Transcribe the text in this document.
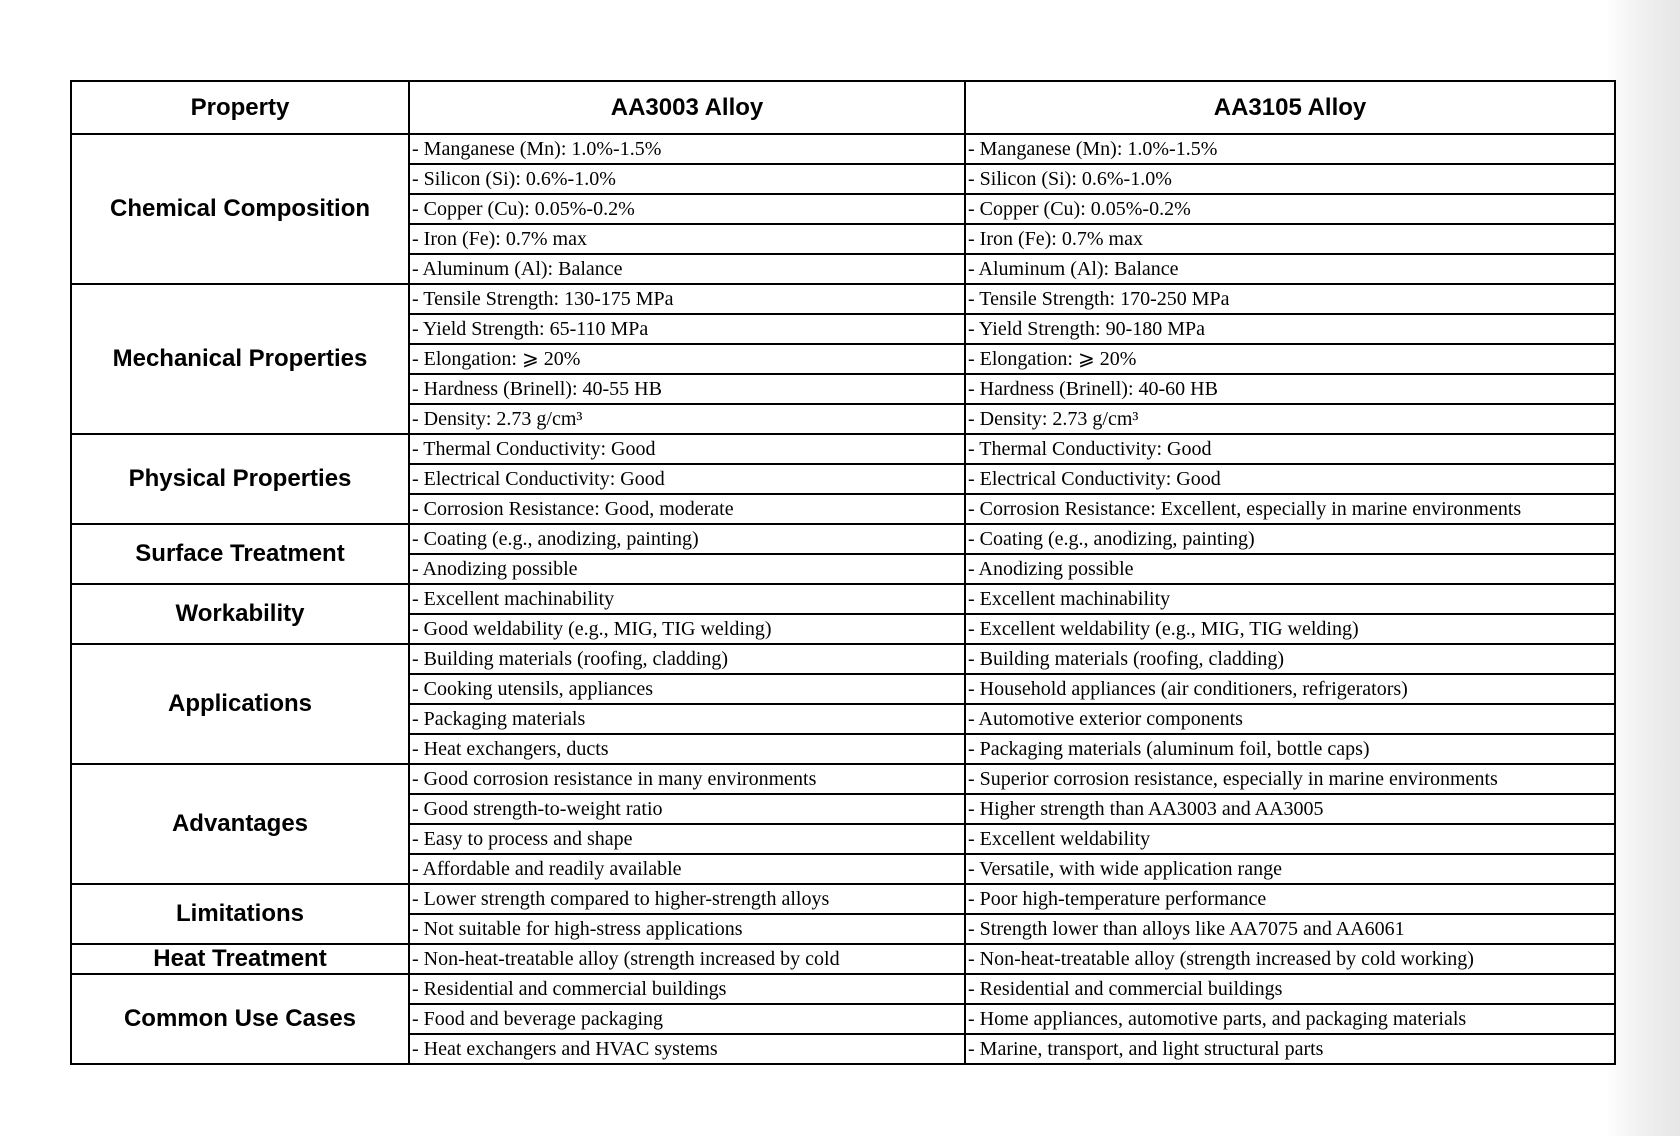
Property	AA3003 Alloy	AA3105 Alloy
Chemical Composition	- Manganese (Mn): 1.0%-1.5%	- Manganese (Mn): 1.0%-1.5%
	- Silicon (Si): 0.6%-1.0%	- Silicon (Si): 0.6%-1.0%
	- Copper (Cu): 0.05%-0.2%	- Copper (Cu): 0.05%-0.2%
	- Iron (Fe): 0.7% max	- Iron (Fe): 0.7% max
	- Aluminum (Al): Balance	- Aluminum (Al): Balance
Mechanical Properties	- Tensile Strength: 130-175 MPa	- Tensile Strength: 170-250 MPa
	- Yield Strength: 65-110 MPa	- Yield Strength: 90-180 MPa
	- Elongation: ⩾ 20%	- Elongation: ⩾ 20%
	- Hardness (Brinell): 40-55 HB	- Hardness (Brinell): 40-60 HB
	- Density: 2.73 g/cm³	- Density: 2.73 g/cm³
Physical Properties	- Thermal Conductivity: Good	- Thermal Conductivity: Good
	- Electrical Conductivity: Good	- Electrical Conductivity: Good
	- Corrosion Resistance: Good, moderate	- Corrosion Resistance: Excellent, especially in marine environments
Surface Treatment	- Coating (e.g., anodizing, painting)	- Coating (e.g., anodizing, painting)
	- Anodizing possible	- Anodizing possible
Workability	- Excellent machinability	- Excellent machinability
	- Good weldability (e.g., MIG, TIG welding)	- Excellent weldability (e.g., MIG, TIG welding)
Applications	- Building materials (roofing, cladding)	- Building materials (roofing, cladding)
	- Cooking utensils, appliances	- Household appliances (air conditioners, refrigerators)
	- Packaging materials	- Automotive exterior components
	- Heat exchangers, ducts	- Packaging materials (aluminum foil, bottle caps)
Advantages	- Good corrosion resistance in many environments	- Superior corrosion resistance, especially in marine environments
	- Good strength-to-weight ratio	- Higher strength than AA3003 and AA3005
	- Easy to process and shape	- Excellent weldability
	- Affordable and readily available	- Versatile, with wide application range
Limitations	- Lower strength compared to higher-strength alloys	- Poor high-temperature performance
	- Not suitable for high-stress applications	- Strength lower than alloys like AA7075 and AA6061
Heat Treatment	- Non-heat-treatable alloy (strength increased by cold	- Non-heat-treatable alloy (strength increased by cold working)
Common Use Cases	- Residential and commercial buildings	- Residential and commercial buildings
	- Food and beverage packaging	- Home appliances, automotive parts, and packaging materials
	- Heat exchangers and HVAC systems	- Marine, transport, and light structural parts
